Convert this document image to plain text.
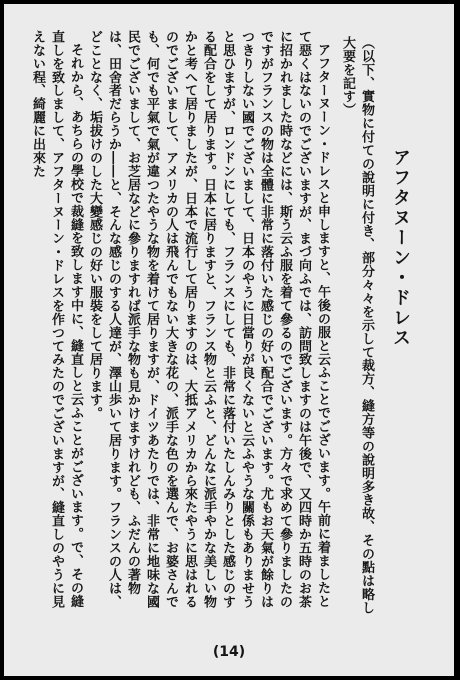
アフタヌーン・ドレス
（以下、實物に付ての說明に付き、部分々々を示して裁方、縫方等の說明多き故、その點は略し大要を記す）
アフターヌーン・ドレスと申しますと、午後の服と云ふことでございます。午前に着ましたとて惡くはないのでございますが、まづ向ふでは、訪問致しますのは午後で、又四時か五時のお茶に招かれました時などには、斯う云ふ服を着て參るのでございます。方々で求めて參りましたのですがフランスの物は全體に非常に落付いた感じの好い配合でございます。尤もお天氣が餘りはつきりしない國でございまして、日本のやうに日當りが良くないと云ふやうな關係もありませうと思ひますが、ロンドンにしても、フランスにしても、非常に落付いたしんみりとした感じのする配合をして居ります。日本に居りますと、フランス物と云ふと、どんなに派手やかな美しい物かと考へて居りましたが、日本で流行して居りますのは、大抵アメリカから來たやうに思はれるのでございまして、アメリカの人は飛んでもない大きな花の、派手な色のを選んで、お婆さんでも、何でも平氣で氣が違つたやうな物を着けて居りますが、ドイツあたりでは、非常に地味な國民でございまして、お芝居などに參りますれば派手な物も見かけますけれども、ふだんの著物は、田舍者だらうか――と、そんな感じのする人達が、澤山歩いて居ります。フランスの人は、どことなく、垢拔けのした大變感じの好い服裝をして居ります。
それから、あちらの學校で裁縫を致します中に、縫直しと云ふことがございます。で、その縫直しを致しまして、アフターヌーン・ドレスを作つてみたのでございますが、縫直しのやうに見えない程、綺麗に出來た
(14)
